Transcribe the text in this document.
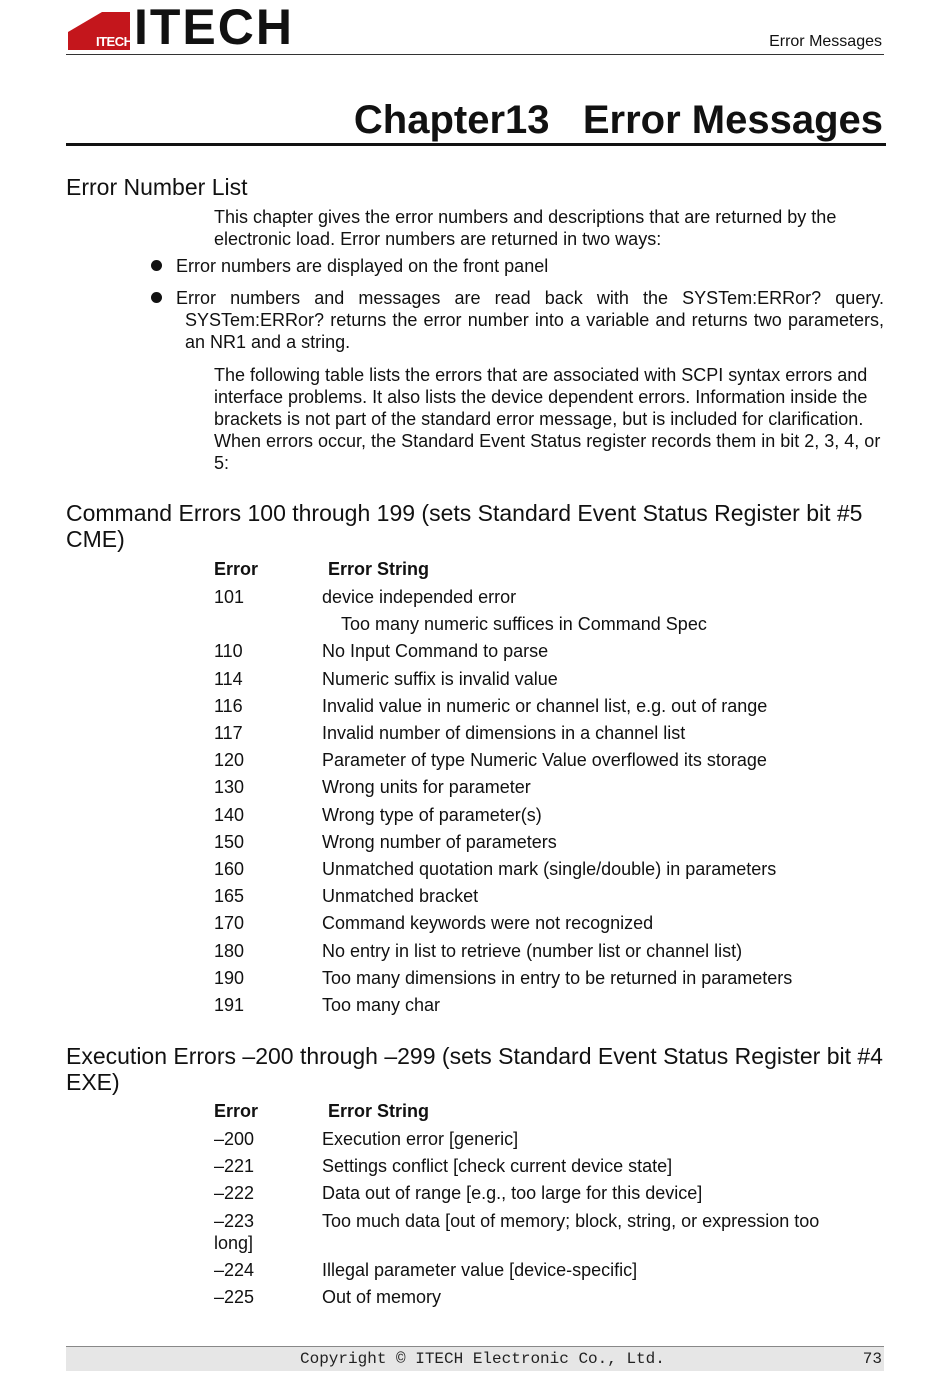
ITECH ITECH	Error Messages
Chapter13   Error Messages
Error Number List
This chapter gives the error numbers and descriptions that are returned by the electronic load. Error numbers are returned in two ways:
Error numbers are displayed on the front panel
Error numbers and messages are read back with the SYSTem:ERRor? query.
SYSTem:ERRor? returns the error number into a variable and returns two parameters, an NR1 and a string.
The following table lists the errors that are associated with SCPI syntax errors and interface problems. It also lists the device dependent errors. Information inside the brackets is not part of the standard error message, but is included for clarification. When errors occur, the Standard Event Status register records them in bit 2, 3, 4, or 5:
Command Errors 100 through 199 (sets Standard Event Status Register bit #5 CME)
Error	Error String
101	device independed error
Too many numeric suffices in Command Spec
110	No Input Command to parse
114	Numeric suffix is invalid value
116	Invalid value in numeric or channel list, e.g. out of range
117	Invalid number of dimensions in a channel list
120	Parameter of type Numeric Value overflowed its storage
130	Wrong units for parameter
140	Wrong type of parameter(s)
150	Wrong number of parameters
160	Unmatched quotation mark (single/double) in parameters
165	Unmatched bracket
170	Command keywords were not recognized
180	No entry in list to retrieve (number list or channel list)
190	Too many dimensions in entry to be returned in parameters
191	Too many char
Execution Errors –200 through –299 (sets Standard Event Status Register bit #4 EXE)
Error	Error String
–200	Execution error [generic]
–221	Settings conflict [check current device state]
–222	Data out of range [e.g., too large for this device]
–223	Too much data [out of memory; block, string, or expression too
long]
–224	Illegal parameter value [device-specific]
–225	Out of memory
Copyright © ITECH Electronic Co., Ltd.	73
